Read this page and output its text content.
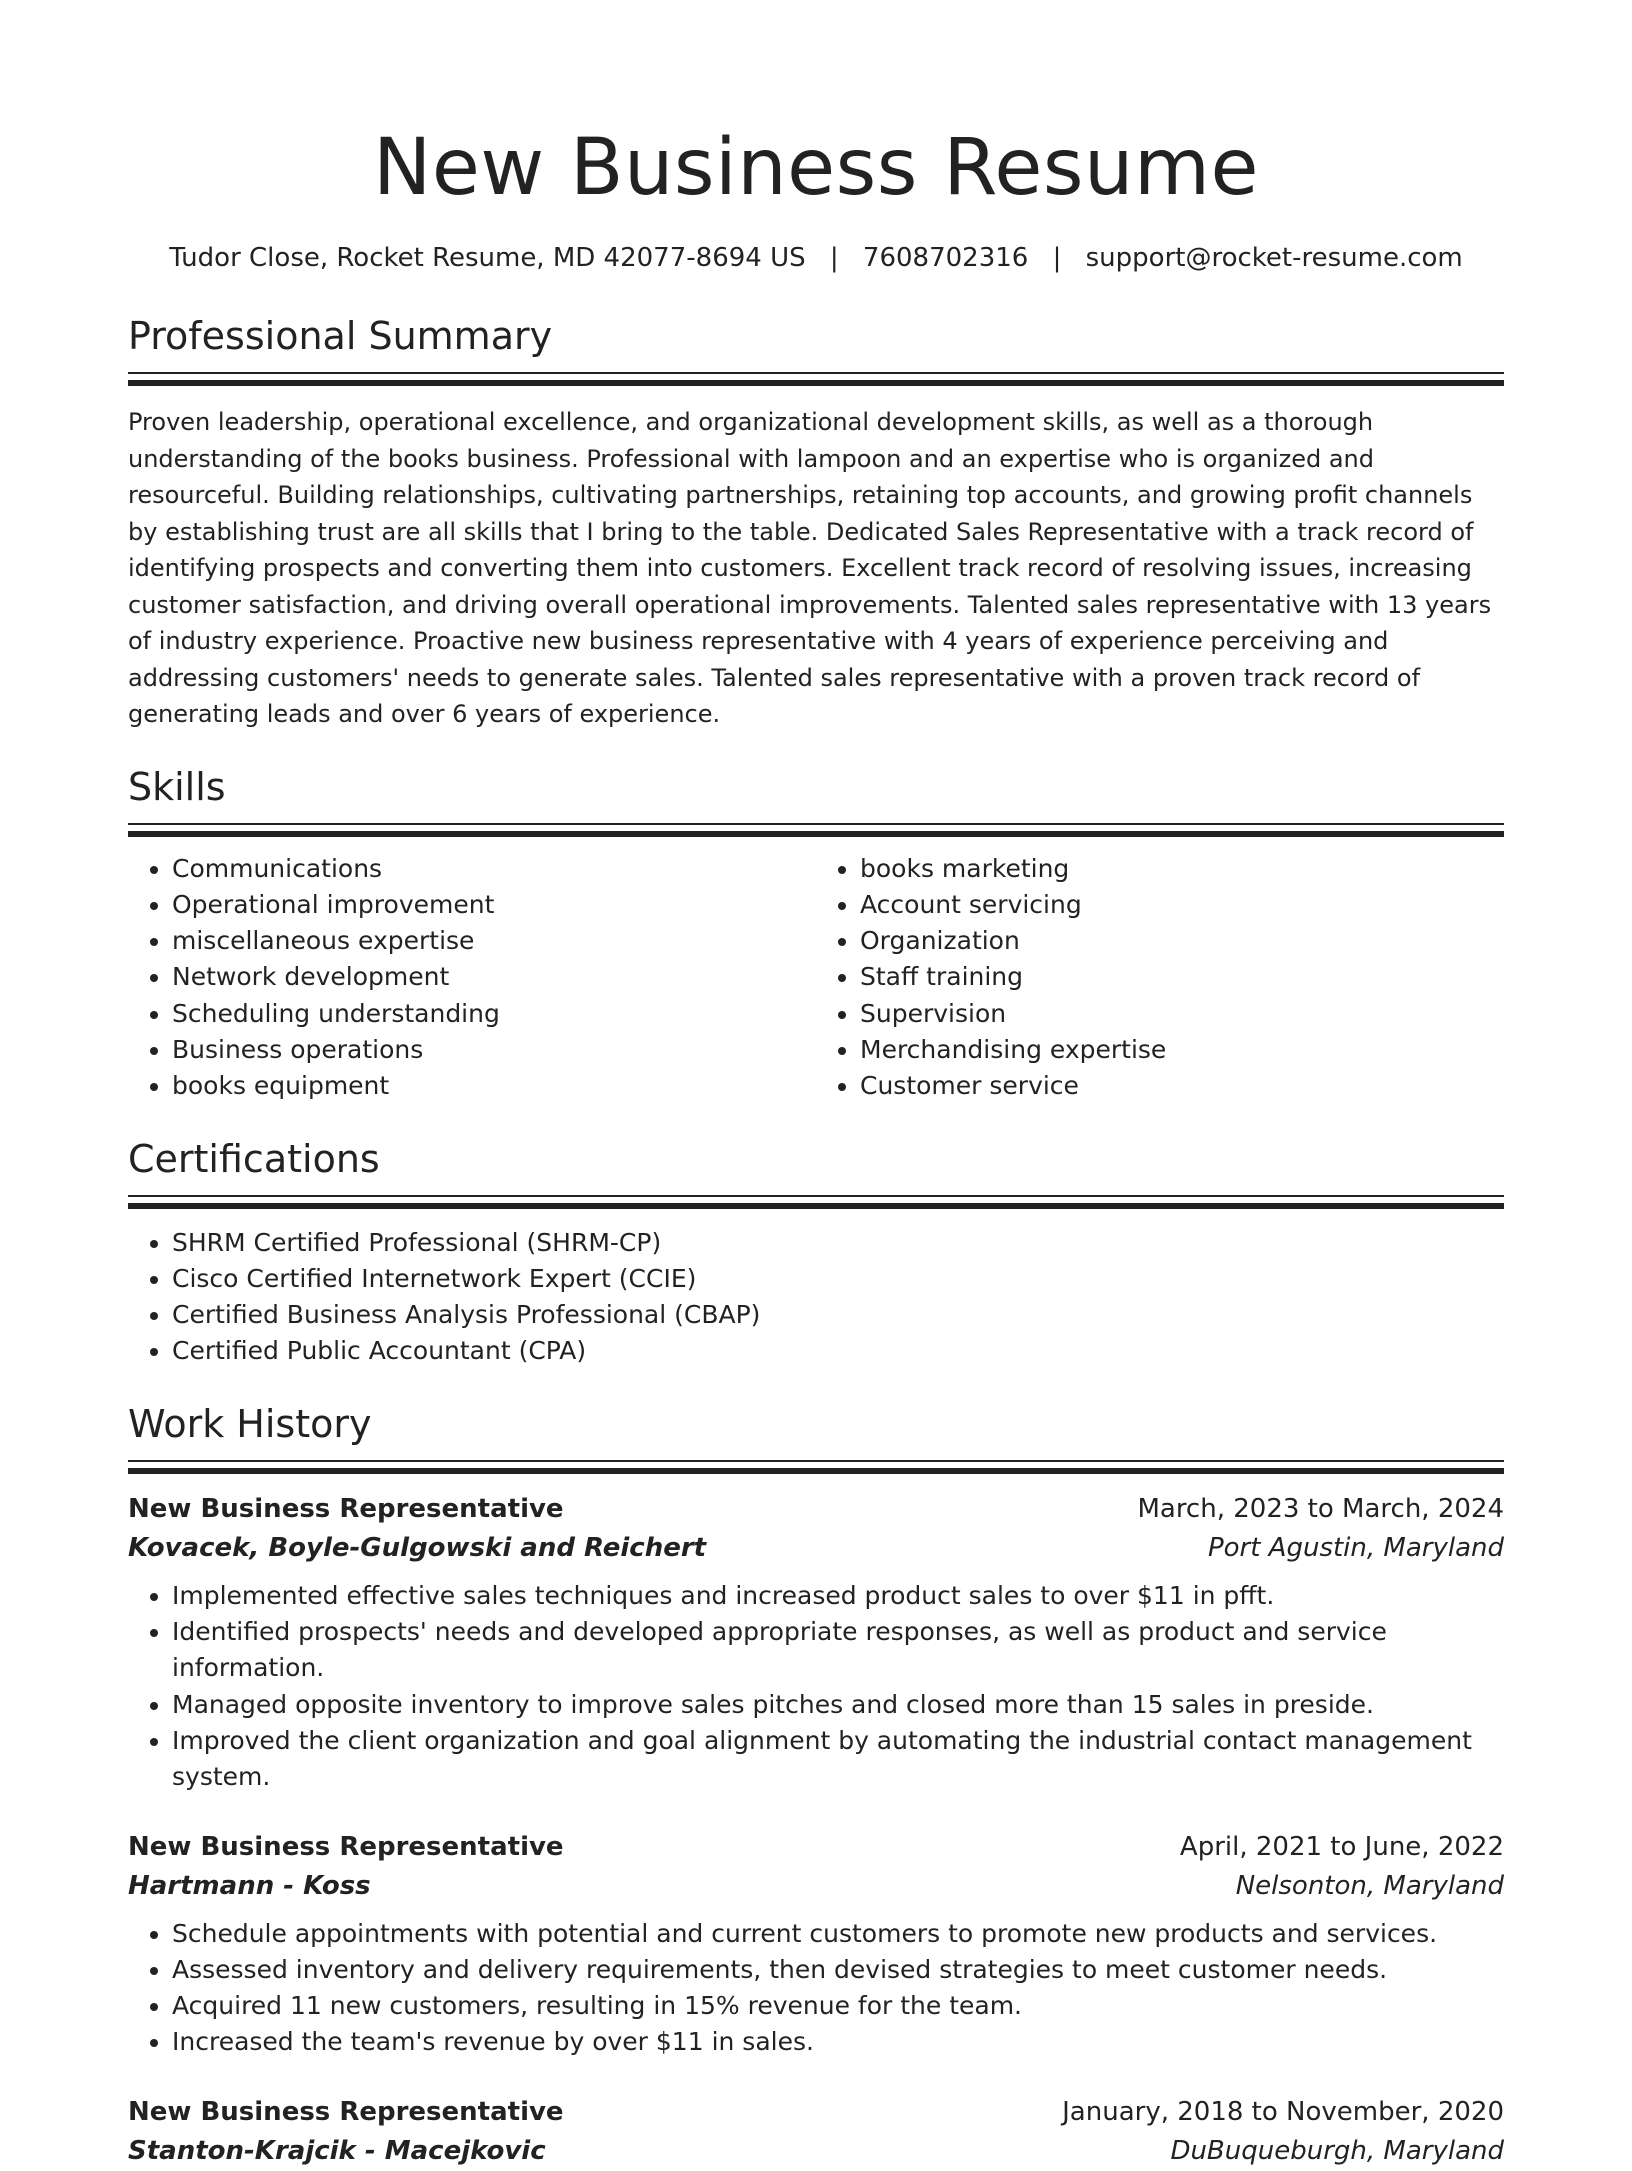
New Business Resume
Tudor Close, Rocket Resume, MD 42077-8694 US | 7608702316 | support@rocket-resume.com
Professional Summary
Proven leadership, operational excellence, and organizational development skills, as well as a thorough understanding of the books business. Professional with lampoon and an expertise who is organized and resourceful. Building relationships, cultivating partnerships, retaining top accounts, and growing profit channels by establishing trust are all skills that I bring to the table. Dedicated Sales Representative with a track record of identifying prospects and converting them into customers. Excellent track record of resolving issues, increasing customer satisfaction, and driving overall operational improvements. Talented sales representative with 13 years of industry experience. Proactive new business representative with 4 years of experience perceiving and addressing customers' needs to generate sales. Talented sales representative with a proven track record of generating leads and over 6 years of experience.
Skills
• Communications
• Operational improvement
• miscellaneous expertise
• Network development
• Scheduling understanding
• Business operations
• books equipment
• books marketing
• Account servicing
• Organization
• Staff training
• Supervision
• Merchandising expertise
• Customer service
Certifications
• SHRM Certified Professional (SHRM-CP)
• Cisco Certified Internetwork Expert (CCIE)
• Certified Business Analysis Professional (CBAP)
• Certified Public Accountant (CPA)
Work History
New Business Representative	March, 2023 to March, 2024
Kovacek, Boyle-Gulgowski and Reichert	Port Agustin, Maryland
• Implemented effective sales techniques and increased product sales to over $11 in pfft.
• Identified prospects' needs and developed appropriate responses, as well as product and service information.
• Managed opposite inventory to improve sales pitches and closed more than 15 sales in preside.
• Improved the client organization and goal alignment by automating the industrial contact management system.
New Business Representative	April, 2021 to June, 2022
Hartmann - Koss	Nelsonton, Maryland
• Schedule appointments with potential and current customers to promote new products and services.
• Assessed inventory and delivery requirements, then devised strategies to meet customer needs.
• Acquired 11 new customers, resulting in 15% revenue for the team.
• Increased the team's revenue by over $11 in sales.
New Business Representative	January, 2018 to November, 2020
Stanton-Krajcik - Macejkovic	DuBuqueburgh, Maryland
